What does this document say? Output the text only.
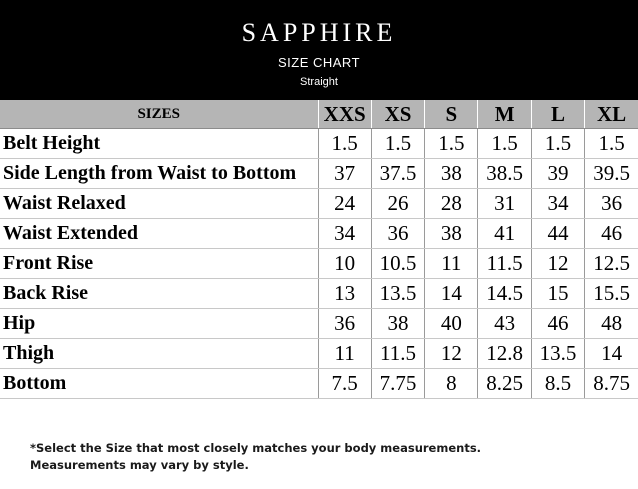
SAPPHIRE
SIZE CHART
Straight
SIZES	XXS	XS	S	M	L	XL
Belt Height	1.5	1.5	1.5	1.5	1.5	1.5
Side Length from Waist to Bottom	37	37.5	38	38.5	39	39.5
Waist Relaxed	24	26	28	31	34	36
Waist Extended	34	36	38	41	44	46
Front Rise	10	10.5	11	11.5	12	12.5
Back Rise	13	13.5	14	14.5	15	15.5
Hip	36	38	40	43	46	48
Thigh	11	11.5	12	12.8	13.5	14
Bottom	7.5	7.75	8	8.25	8.5	8.75
*Select the Size that most closely matches your body measurements.
Measurements may vary by style.
